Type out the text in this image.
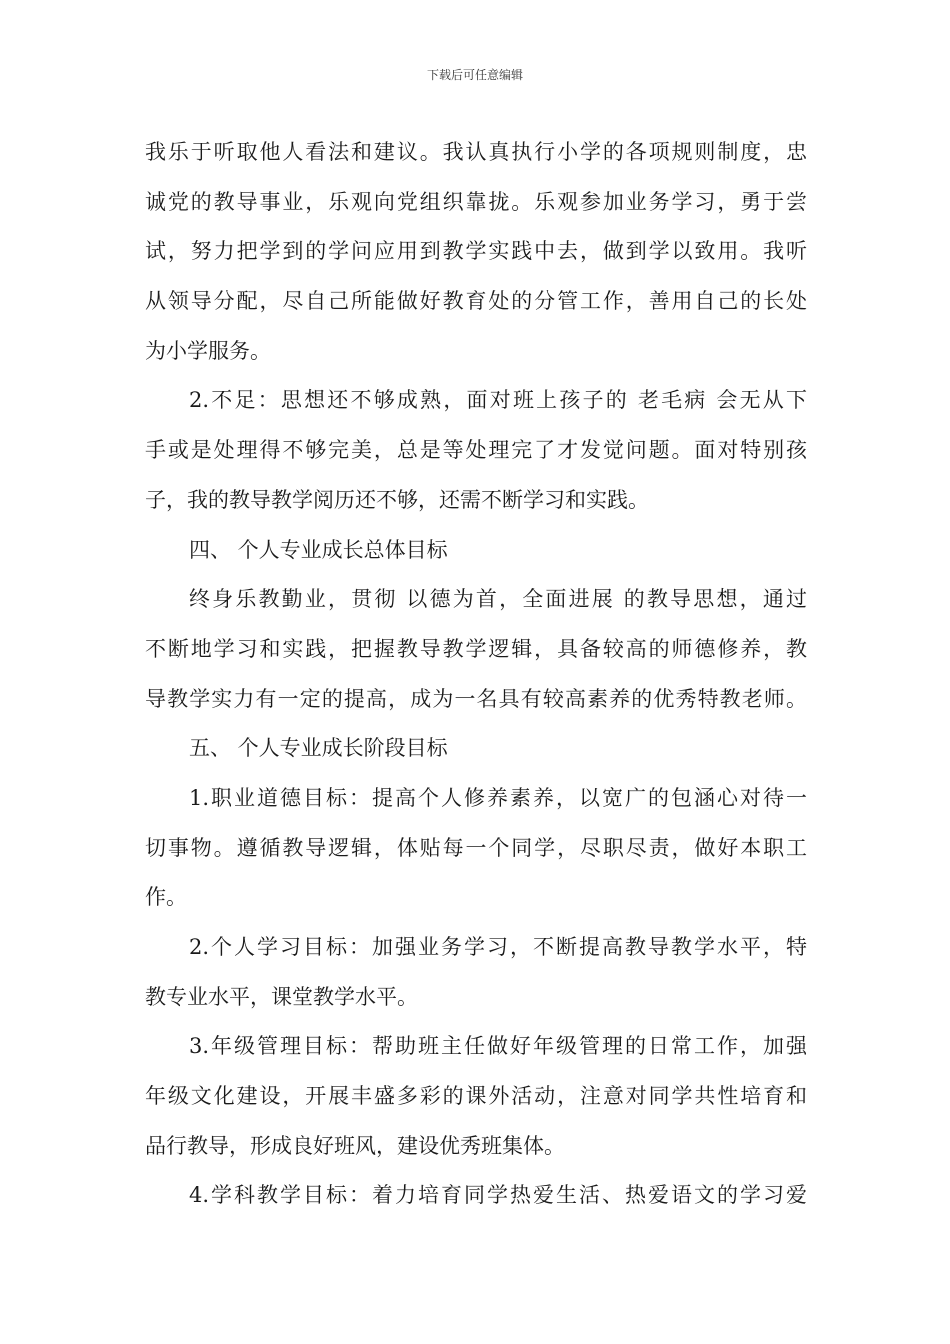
下载后可任意编辑
我乐于听取他人看法和建议。我认真执行小学的各项规则制度，忠
诚党的教导事业，乐观向党组织靠拢。乐观参加业务学习，勇于尝
试，努力把学到的学问应用到教学实践中去，做到学以致用。我听
从领导分配，尽自己所能做好教育处的分管工作，善用自己的长处
为小学服务。
2.不足：思想还不够成熟，面对班上孩子的 老毛病 会无从下
手或是处理得不够完美，总是等处理完了才发觉问题。面对特别孩
子，我的教导教学阅历还不够，还需不断学习和实践。
四、 个人专业成长总体目标
终身乐教勤业，贯彻 以德为首，全面进展 的教导思想，通过
不断地学习和实践，把握教导教学逻辑，具备较高的师德修养，教
导教学实力有一定的提高，成为一名具有较高素养的优秀特教老师。
五、 个人专业成长阶段目标
1.职业道德目标：提高个人修养素养，以宽广的包涵心对待一
切事物。遵循教导逻辑，体贴每一个同学，尽职尽责，做好本职工
作。
2.个人学习目标：加强业务学习，不断提高教导教学水平，特
教专业水平，课堂教学水平。
3.年级管理目标：帮助班主任做好年级管理的日常工作，加强
年级文化建设，开展丰盛多彩的课外活动，注意对同学共性培育和
品行教导，形成良好班风，建设优秀班集体。
4.学科教学目标：着力培育同学热爱生活、热爱语文的学习爱
